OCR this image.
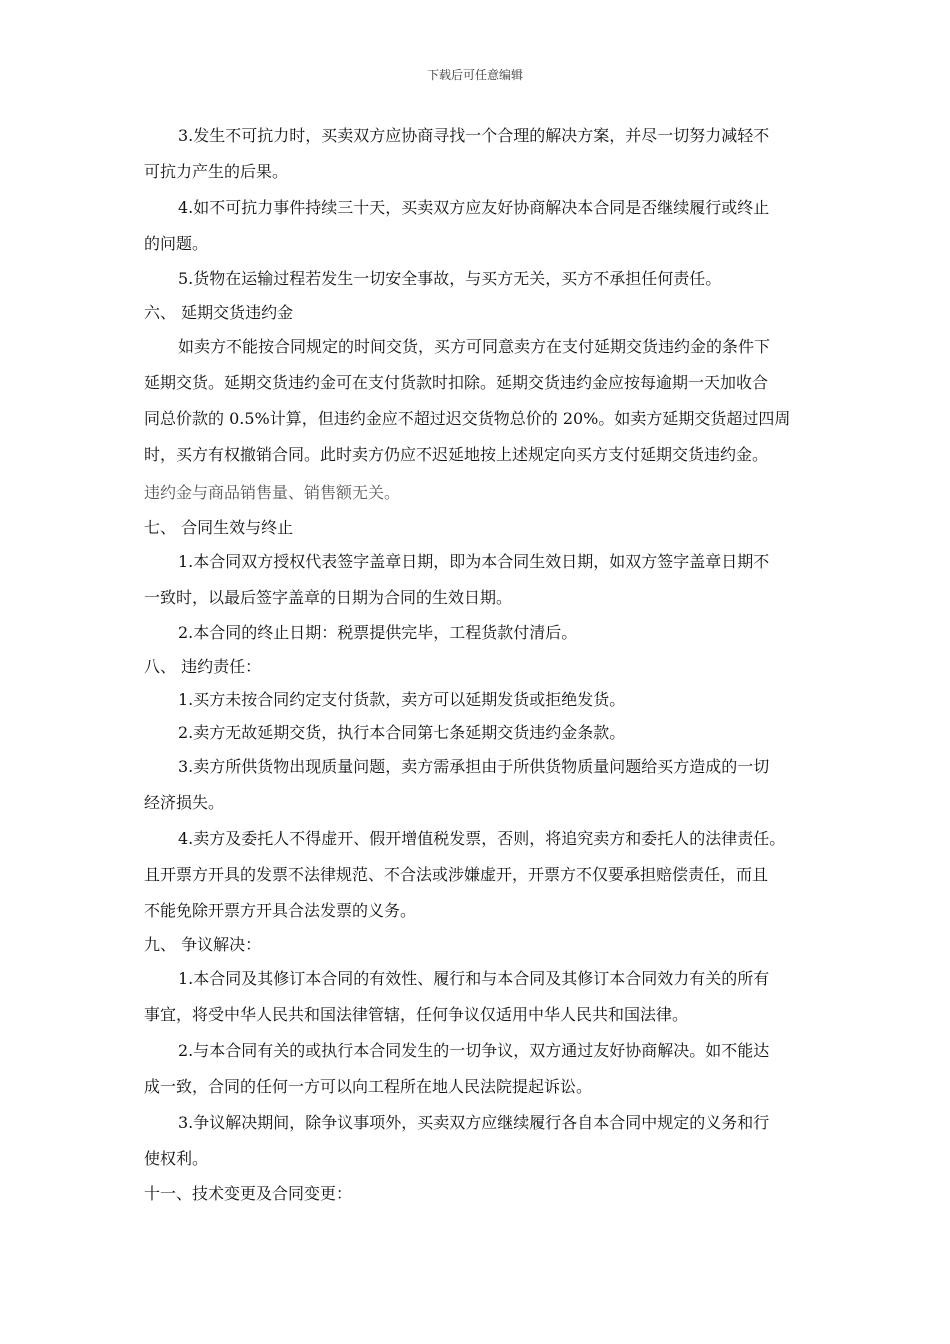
下载后可任意编辑
3.发生不可抗力时，买卖双方应协商寻找一个合理的解决方案，并尽一切努力减轻不
可抗力产生的后果。
4.如不可抗力事件持续三十天，买卖双方应友好协商解决本合同是否继续履行或终止
的问题。
5.货物在运输过程若发生一切安全事故，与买方无关，买方不承担任何责任。
六、 延期交货违约金
如卖方不能按合同规定的时间交货，买方可同意卖方在支付延期交货违约金的条件下
延期交货。延期交货违约金可在支付货款时扣除。延期交货违约金应按每逾期一天加收合
同总价款的 0.5%计算，但违约金应不超过迟交货物总价的 20%。如卖方延期交货超过四周
时，买方有权撤销合同。此时卖方仍应不迟延地按上述规定向买方支付延期交货违约金。
违约金与商品销售量、销售额无关。
七、 合同生效与终止
1.本合同双方授权代表签字盖章日期，即为本合同生效日期，如双方签字盖章日期不
一致时，以最后签字盖章的日期为合同的生效日期。
2.本合同的终止日期：税票提供完毕，工程货款付清后。
八、 违约责任：
1.买方未按合同约定支付货款，卖方可以延期发货或拒绝发货。
2.卖方无故延期交货，执行本合同第七条延期交货违约金条款。
3.卖方所供货物出现质量问题，卖方需承担由于所供货物质量问题给买方造成的一切
经济损失。
4.卖方及委托人不得虚开、假开增值税发票，否则，将追究卖方和委托人的法律责任。
且开票方开具的发票不法律规范、不合法或涉嫌虚开，开票方不仅要承担赔偿责任，而且
不能免除开票方开具合法发票的义务。
九、 争议解决：
1.本合同及其修订本合同的有效性、履行和与本合同及其修订本合同效力有关的所有
事宜，将受中华人民共和国法律管辖，任何争议仅适用中华人民共和国法律。
2.与本合同有关的或执行本合同发生的一切争议，双方通过友好协商解决。如不能达
成一致，合同的任何一方可以向工程所在地人民法院提起诉讼。
3.争议解决期间，除争议事项外，买卖双方应继续履行各自本合同中规定的义务和行
使权利。
十一、技术变更及合同变更：
